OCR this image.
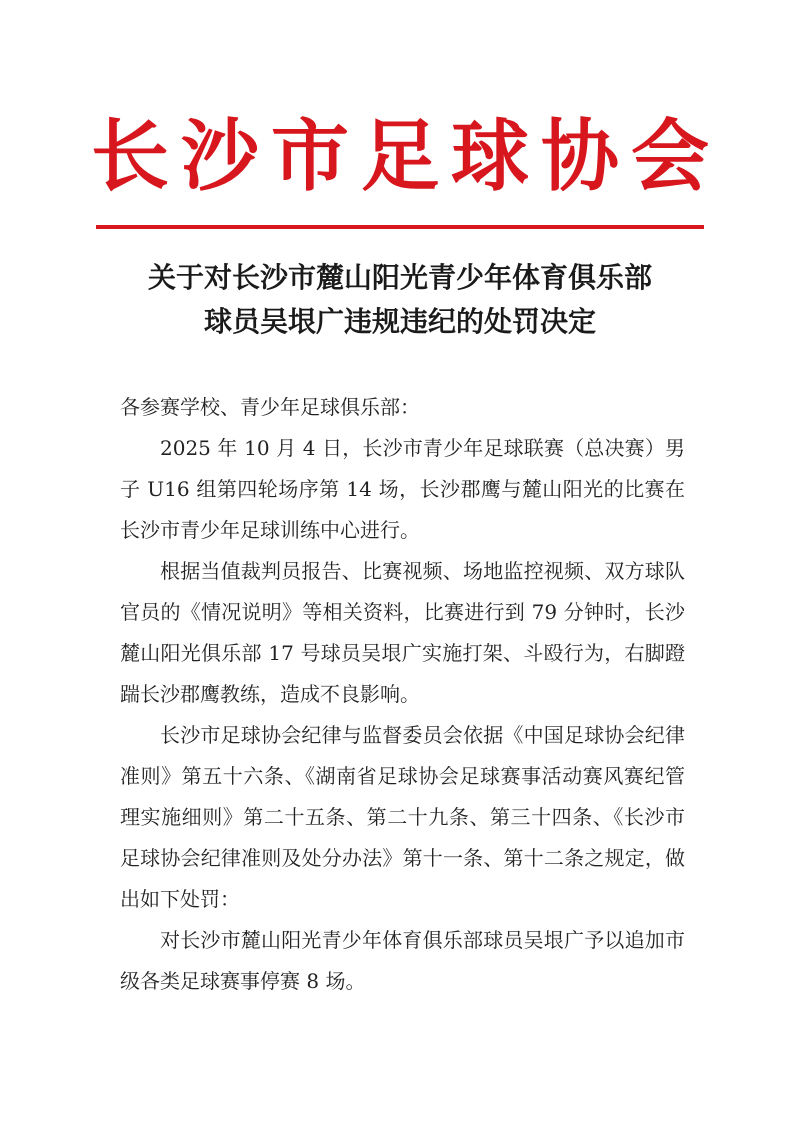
长沙市足球协会
关于对长沙市麓山阳光青少年体育俱乐部
球员吴垠广违规违纪的处罚决定

各参赛学校、青少年足球俱乐部：

2025 年 10 月 4 日，长沙市青少年足球联赛（总决赛）男子 U16 组第四轮场序第 14 场，长沙郡鹰与麓山阳光的比赛在长沙市青少年足球训练中心进行。

根据当值裁判员报告、比赛视频、场地监控视频、双方球队官员的《情况说明》等相关资料，比赛进行到 79 分钟时，长沙麓山阳光俱乐部 17 号球员吴垠广实施打架、斗殴行为，右脚蹬踹长沙郡鹰教练，造成不良影响。

长沙市足球协会纪律与监督委员会依据《中国足球协会纪律准则》第五十六条、《湖南省足球协会足球赛事活动赛风赛纪管理实施细则》第二十五条、第二十九条、第三十四条、《长沙市足球协会纪律准则及处分办法》第十一条、第十二条之规定，做出如下处罚：

对长沙市麓山阳光青少年体育俱乐部球员吴垠广予以追加市级各类足球赛事停赛 8 场。
